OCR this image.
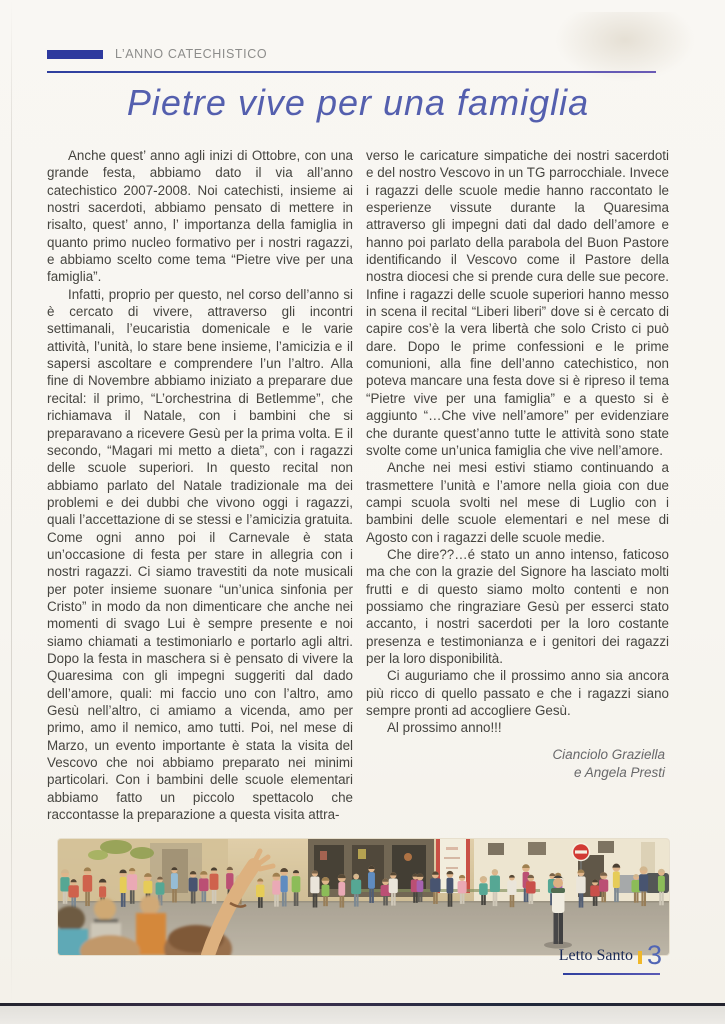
L’ANNO CATECHISTICO
Pietre vive per una famiglia

Anche quest’ anno agli inizi di Ottobre, con una grande festa, abbiamo dato il via all’anno catechistico 2007-2008. Noi catechisti, insieme ai nostri sacerdoti, abbiamo pensato di mettere in risalto, quest’ anno, l’ importanza della famiglia in quanto primo nucleo formativo per i nostri ragazzi, e abbiamo scelto come tema “Pietre vive per una famiglia”.

Infatti, proprio per questo, nel corso dell’anno si è cercato di vivere, attraverso gli incontri settimanali, l’eucaristia domenicale e le varie attività, l’unità, lo stare bene insieme, l’amicizia e il sapersi ascoltare e comprendere l’un l’altro. Alla fine di Novembre abbiamo iniziato a preparare due recital: il primo, “L’orchestrina di Betlemme”, che richiamava il Natale, con i bambini che si preparavano a ricevere Gesù per la prima volta. E il secondo, “Magari mi metto a dieta”, con i ragazzi delle scuole superiori. In questo recital non abbiamo parlato del Natale tradizionale ma dei problemi e dei dubbi che vivono oggi i ragazzi, quali l’accettazione di se stessi e l’amicizia gratuita. Come ogni anno poi il Carnevale è stata un’occasione di festa per stare in allegria con i nostri ragazzi. Ci siamo travestiti da note musicali per poter insieme suonare “un’unica sinfonia per Cristo” in modo da non dimenticare che anche nei momenti di svago Lui è sempre presente e noi siamo chiamati a testimoniarlo e portarlo agli altri. Dopo la festa in maschera si è pensato di vivere la Quaresima con gli impegni suggeriti dal dado dell’amore, quali: mi faccio uno con l’altro, amo Gesù nell’altro, ci amiamo a vicenda, amo per primo, amo il nemico, amo tutti. Poi, nel mese di Marzo, un evento importante è stata la visita del Vescovo che noi abbiamo preparato nei minimi particolari. Con i bambini delle scuole elementari abbiamo fatto un piccolo spettacolo che raccontasse la preparazione a questa visita attra-

verso le caricature simpatiche dei nostri sacerdoti e del nostro Vescovo in un TG parrocchiale. Invece i ragazzi delle scuole medie hanno raccontato le esperienze vissute durante la Quaresima attraverso gli impegni dati dal dado dell’amore e hanno poi parlato della parabola del Buon Pastore identificando il Vescovo come il Pastore della nostra diocesi che si prende cura delle sue pecore. Infine i ragazzi delle scuole superiori hanno messo in scena il recital “Liberi liberi” dove si è cercato di capire cos’è la vera libertà che solo Cristo ci può dare. Dopo le prime confessioni e le prime comunioni, alla fine dell’anno catechistico, non poteva mancare una festa dove si è ripreso il tema “Pietre vive per una famiglia” e a questo si è aggiunto “…Che vive nell’amore” per evidenziare che durante quest’anno tutte le attività sono state svolte come un’unica famiglia che vive nell’amore.

Anche nei mesi estivi stiamo continuando a trasmettere l’unità e l’amore nella gioia con due campi scuola svolti nel mese di Luglio con i bambini delle scuole elementari e nel mese di Agosto con i ragazzi delle scuole medie.

Che dire??…é stato un anno intenso, faticoso ma che con la grazie del Signore ha lasciato molti frutti e di questo siamo molto contenti e non possiamo che ringraziare Gesù per esserci stato accanto, i nostri sacerdoti per la loro costante presenza e testimonianza e i genitori dei ragazzi per la loro disponibilità.

Ci auguriamo che il prossimo anno sia ancora più ricco di quello passato e che i ragazzi siano sempre pronti ad accogliere Gesù.

Al prossimo anno!!!

Cianciolo Graziella
e Angela Presti
Letto Santo 3
